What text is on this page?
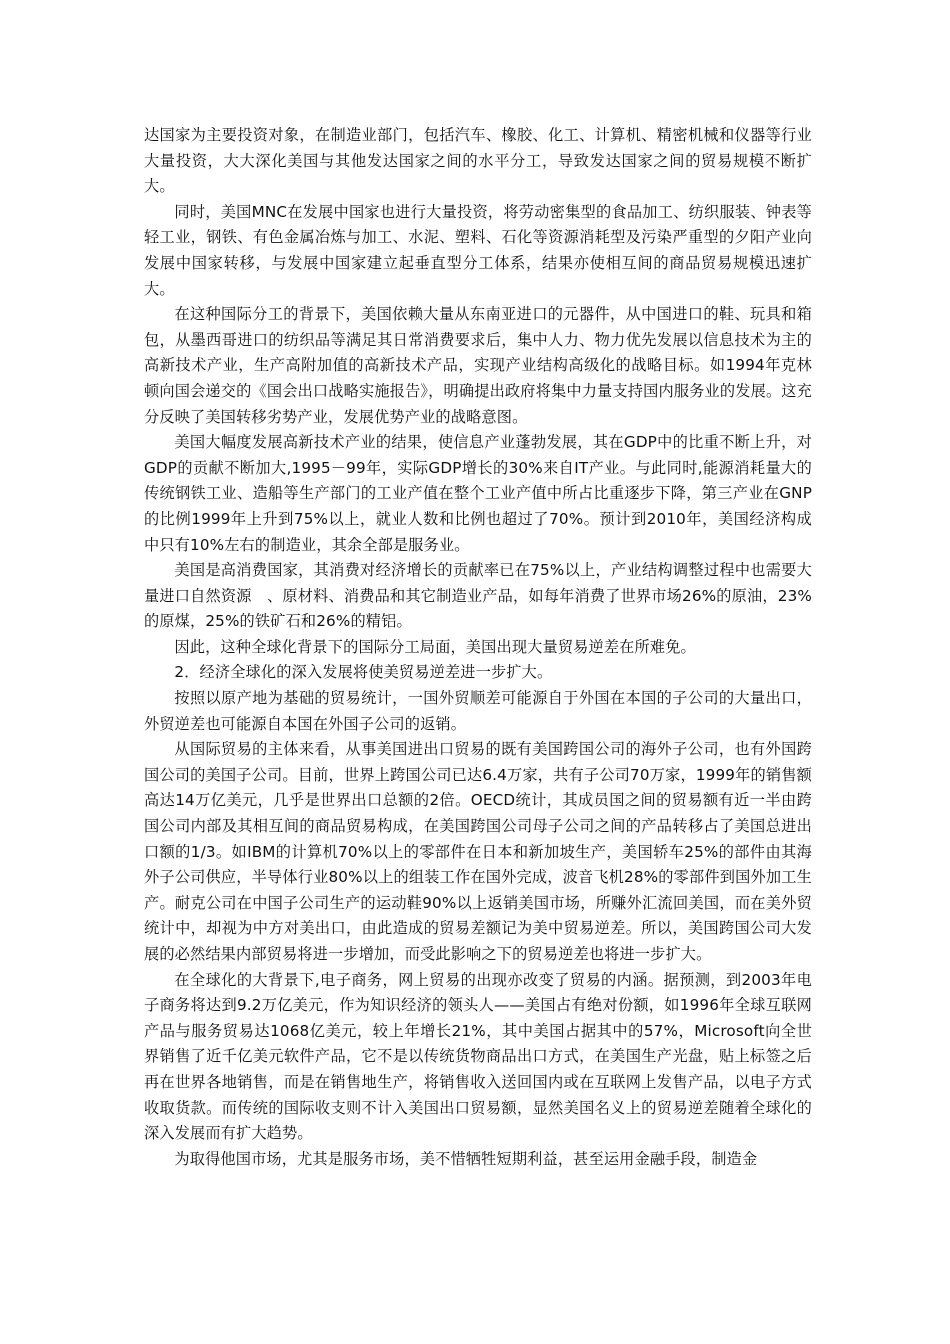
达国家为主要投资对象，在制造业部门，包括汽车、橡胶、化工、计算机、精密机械和仪器等行业大量投资，大大深化美国与其他发达国家之间的水平分工，导致发达国家之间的贸易规模不断扩大。

同时，美国MNC在发展中国家也进行大量投资，将劳动密集型的食品加工、纺织服装、钟表等轻工业，钢铁、有色金属冶炼与加工、水泥、塑料、石化等资源消耗型及污染严重型的夕阳产业向发展中国家转移，与发展中国家建立起垂直型分工体系，结果亦使相互间的商品贸易规模迅速扩大。

在这种国际分工的背景下，美国依赖大量从东南亚进口的元器件，从中国进口的鞋、玩具和箱包，从墨西哥进口的纺织品等满足其日常消费要求后，集中人力、物力优先发展以信息技术为主的高新技术产业，生产高附加值的高新技术产品，实现产业结构高级化的战略目标。如1994年克林顿向国会递交的《国会出口战略实施报告》，明确提出政府将集中力量支持国内服务业的发展。这充分反映了美国转移劣势产业，发展优势产业的战略意图。

美国大幅度发展高新技术产业的结果，使信息产业蓬勃发展，其在GDP中的比重不断上升，对GDP的贡献不断加大,1995－99年，实际GDP增长的30%来自IT产业。与此同时,能源消耗量大的传统钢铁工业、造船等生产部门的工业产值在整个工业产值中所占比重逐步下降，第三产业在GNP的比例1999年上升到75%以上，就业人数和比例也超过了70%。预计到2010年，美国经济构成中只有10%左右的制造业，其余全部是服务业。

美国是高消费国家，其消费对经济增长的贡献率已在75%以上，产业结构调整过程中也需要大量进口自然资源　、原材料、消费品和其它制造业产品，如每年消费了世界市场26%的原油，23%的原煤，25%的铁矿石和26%的精铝。

因此，这种全球化背景下的国际分工局面，美国出现大量贸易逆差在所难免。

2．经济全球化的深入发展将使美贸易逆差进一步扩大。

按照以原产地为基础的贸易统计，一国外贸顺差可能源自于外国在本国的子公司的大量出口，外贸逆差也可能源自本国在外国子公司的返销。

从国际贸易的主体来看，从事美国进出口贸易的既有美国跨国公司的海外子公司，也有外国跨国公司的美国子公司。目前，世界上跨国公司已达6.4万家，共有子公司70万家，1999年的销售额高达14万亿美元，几乎是世界出口总额的2倍。OECD统计，其成员国之间的贸易额有近一半由跨国公司内部及其相互间的商品贸易构成，在美国跨国公司母子公司之间的产品转移占了美国总进出口额的1/3。如IBM的计算机70%以上的零部件在日本和新加坡生产，美国轿车25%的部件由其海外子公司供应，半导体行业80%以上的组装工作在国外完成，波音飞机28%的零部件到国外加工生产。耐克公司在中国子公司生产的运动鞋90%以上返销美国市场，所赚外汇流回美国，而在美外贸统计中，却视为中方对美出口，由此造成的贸易差额记为美中贸易逆差。所以，美国跨国公司大发展的必然结果内部贸易将进一步增加，而受此影响之下的贸易逆差也将进一步扩大。

在全球化的大背景下,电子商务，网上贸易的出现亦改变了贸易的内涵。据预测，到2003年电子商务将达到9.2万亿美元，作为知识经济的领头人——美国占有绝对份额，如1996年全球互联网产品与服务贸易达1068亿美元，较上年增长21%，其中美国占据其中的57%，Microsoft向全世界销售了近千亿美元软件产品，它不是以传统货物商品出口方式，在美国生产光盘，贴上标签之后再在世界各地销售，而是在销售地生产，将销售收入送回国内或在互联网上发售产品，以电子方式收取货款。而传统的国际收支则不计入美国出口贸易额，显然美国名义上的贸易逆差随着全球化的深入发展而有扩大趋势。

为取得他国市场，尤其是服务市场，美不惜牺牲短期利益，甚至运用金融手段，制造金
